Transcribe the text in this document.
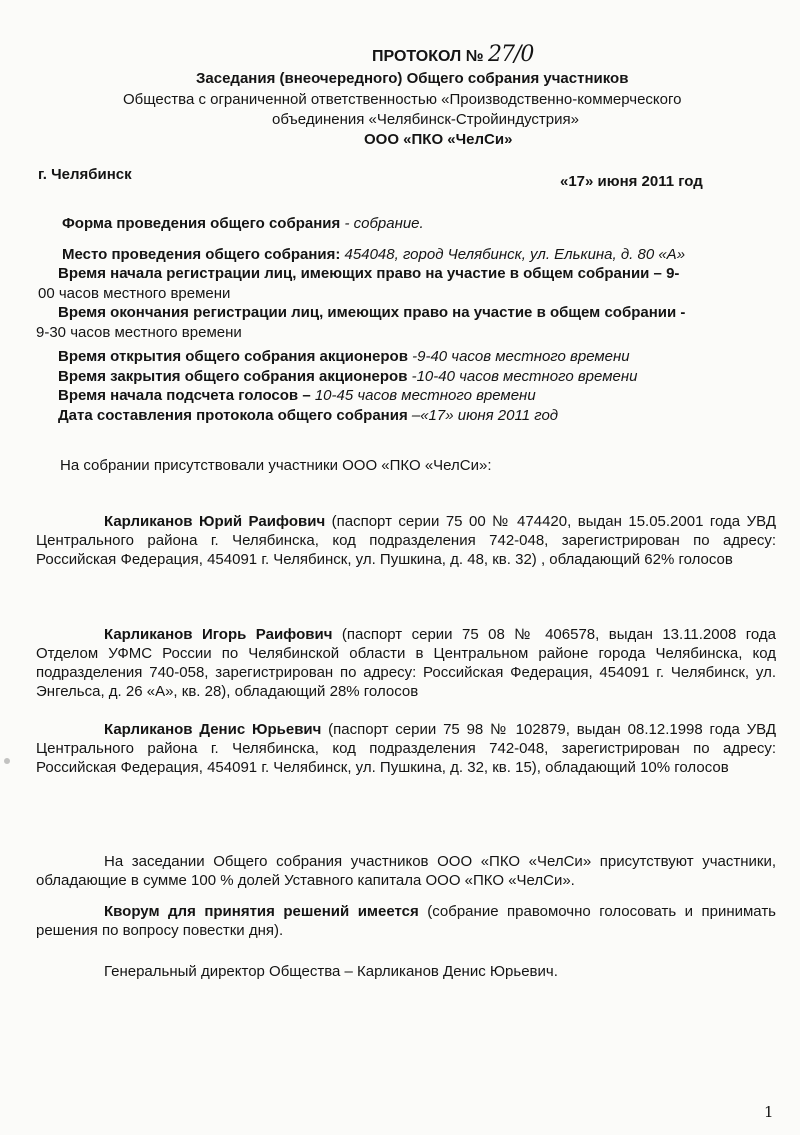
ПРОТОКОЛ № 27/0
Заседания (внеочередного) Общего собрания участников
Общества с ограниченной ответственностью «Производственно-коммерческого
объединения «Челябинск-Стройиндустрия»
ООО «ПКО «ЧелСи»
г. Челябинск	«17» июня 2011 год
Форма проведения общего собрания - собрание.
Место проведения общего собрания: 454048, город Челябинск, ул. Елькина, д. 80 «А»
Время начала регистрации лиц, имеющих право на участие в общем собрании – 9-
00 часов местного времени
Время окончания регистрации лиц, имеющих право на участие в общем собрании -
9-30 часов местного времени
Время открытия общего собрания акционеров -9-40 часов местного времени
Время закрытия общего собрания акционеров -10-40 часов местного времени
Время начала подсчета голосов – 10-45 часов местного времени
Дата составления протокола общего собрания –«17» июня 2011 год
На собрании присутствовали участники ООО «ПКО «ЧелСи»:
Карликанов Юрий Раифович (паспорт серии 75 00 № 474420, выдан 15.05.2001 года УВД Центрального района г. Челябинска, код подразделения 742-048, зарегистрирован по адресу: Российская Федерация, 454091 г. Челябинск, ул. Пушкина, д. 48, кв. 32) , обладающий 62% голосов
Карликанов Игорь Раифович (паспорт серии 75 08 № 406578, выдан 13.11.2008 года Отделом УФМС России по Челябинской области в Центральном районе города Челябинска, код подразделения 740-058, зарегистрирован по адресу: Российская Федерация, 454091 г. Челябинск, ул. Энгельса, д. 26 «А», кв. 28), обладающий 28% голосов
Карликанов Денис Юрьевич (паспорт серии 75 98 № 102879, выдан 08.12.1998 года УВД Центрального района г. Челябинска, код подразделения 742-048, зарегистрирован по адресу: Российская Федерация, 454091 г. Челябинск, ул. Пушкина, д. 32, кв. 15), обладающий 10% голосов
На заседании Общего собрания участников ООО «ПКО «ЧелСи» присутствуют участники, обладающие в сумме 100 % долей Уставного капитала ООО «ПКО «ЧелСи».
Кворум для принятия решений имеется (собрание правомочно голосовать и принимать решения по вопросу повестки дня).
Генеральный директор Общества – Карликанов Денис Юрьевич.
1
